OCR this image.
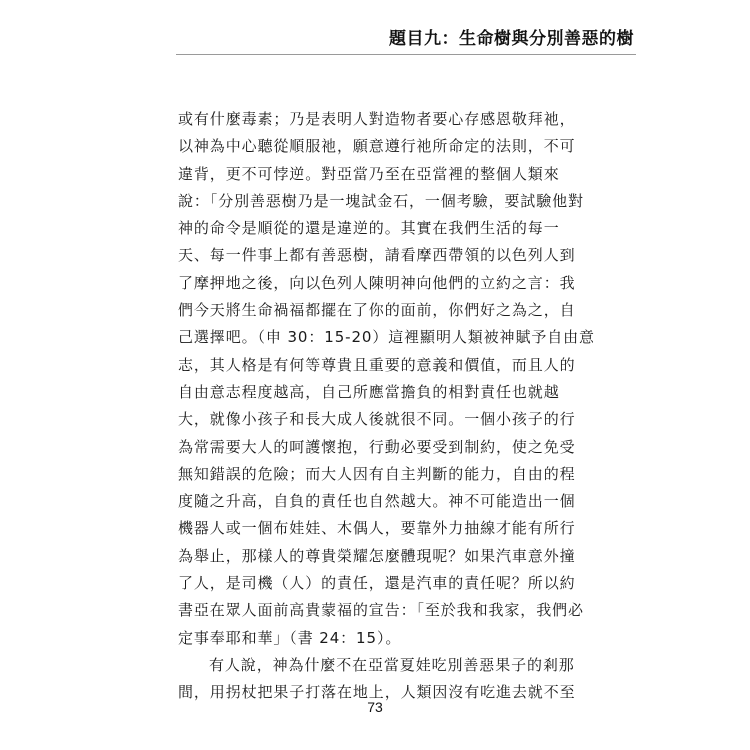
題目九：生命樹與分別善惡的樹
或有什麼毒素；乃是表明人對造物者要心存感恩敬拜祂，
以神為中心聽從順服祂，願意遵行祂所命定的法則，不可
違背，更不可悖逆。對亞當乃至在亞當裡的整個人類來
說：「分別善惡樹乃是一塊試金石，一個考驗，要試驗他對
神的命令是順從的還是違逆的。其實在我們生活的每一
天、每一件事上都有善惡樹，請看摩西帶領的以色列人到
了摩押地之後，向以色列人陳明神向他們的立約之言：我
們今天將生命禍福都擺在了你的面前，你們好之為之，自
己選擇吧。（申 30：15-20）這裡顯明人類被神賦予自由意
志，其人格是有何等尊貴且重要的意義和價值，而且人的
自由意志程度越高，自己所應當擔負的相對責任也就越
大，就像小孩子和長大成人後就很不同。一個小孩子的行
為常需要大人的呵護懷抱，行動必要受到制約，使之免受
無知錯誤的危險；而大人因有自主判斷的能力，自由的程
度隨之升高，自負的責任也自然越大。神不可能造出一個
機器人或一個布娃娃、木偶人，要靠外力抽線才能有所行
為舉止，那樣人的尊貴榮耀怎麼體現呢？如果汽車意外撞
了人，是司機（人）的責任，還是汽車的責任呢？所以約
書亞在眾人面前高貴蒙福的宣告：「至於我和我家，我們必
定事奉耶和華」（書 24：15）。
有人說，神為什麼不在亞當夏娃吃別善惡果子的剎那
間，用拐杖把果子打落在地上，人類因沒有吃進去就不至
73
